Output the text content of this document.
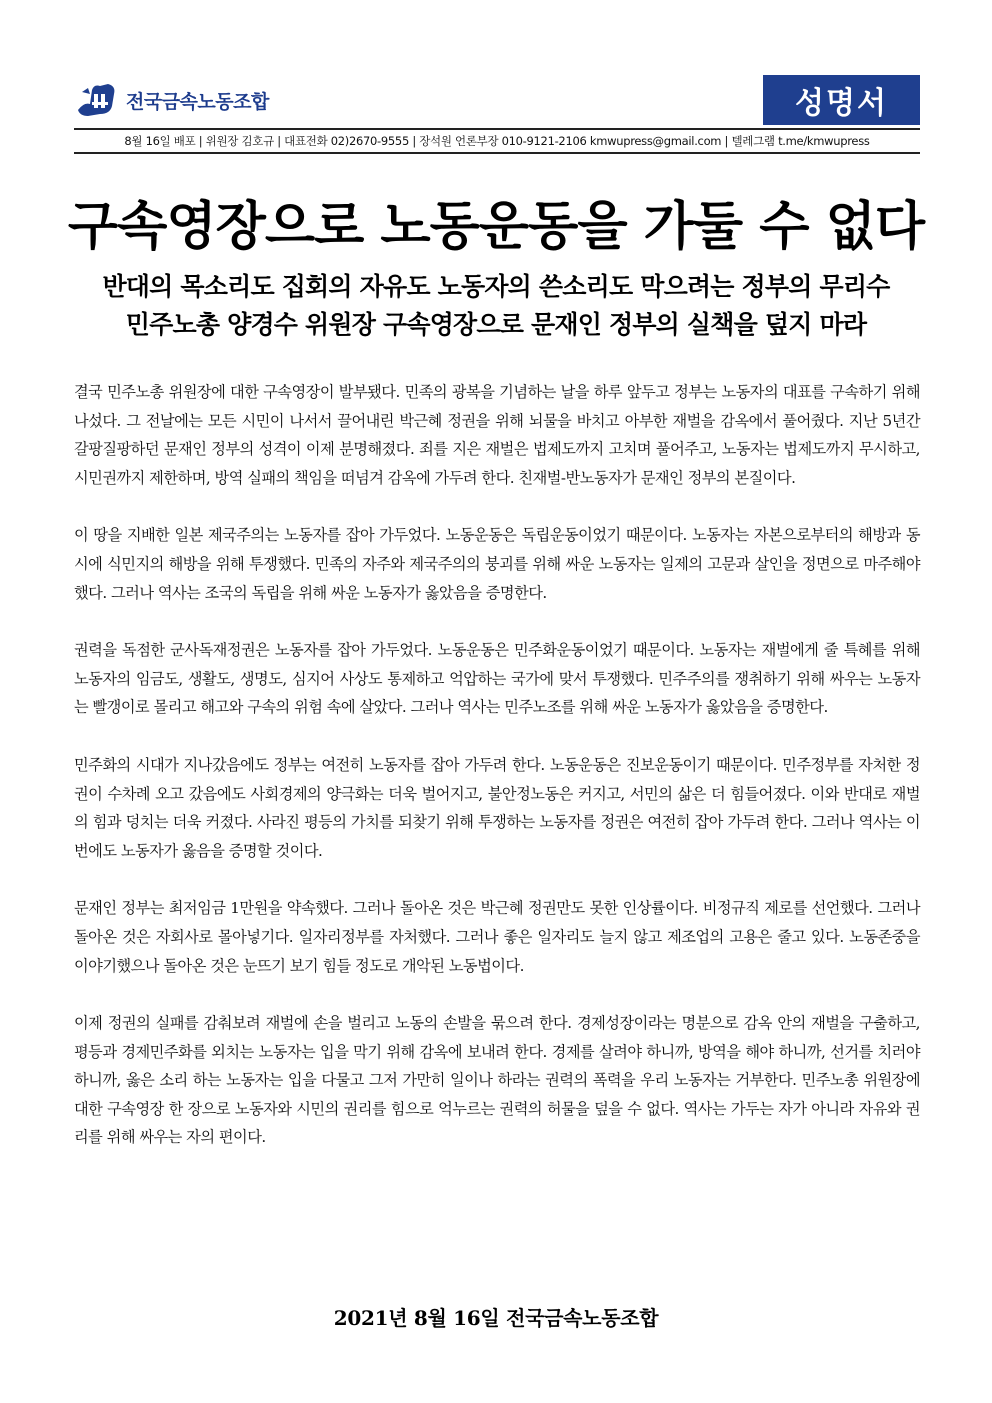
전국금속노동조합	성명서
8월 16일 배포 | 위원장 김호규 | 대표전화 02)2670-9555 | 장석원 언론부장 010-9121-2106 kmwupress@gmail.com | 텔레그램 t.me/kmwupress
구속영장으로 노동운동을 가둘 수 없다
반대의 목소리도 집회의 자유도 노동자의 쓴소리도 막으려는 정부의 무리수
민주노총 양경수 위원장 구속영장으로 문재인 정부의 실책을 덮지 마라

결국 민주노총 위원장에 대한 구속영장이 발부됐다. 민족의 광복을 기념하는 날을 하루 앞두고 정부는 노동자의 대표를 구속하기 위해 나섰다. 그 전날에는 모든 시민이 나서서 끌어내린 박근혜 정권을 위해 뇌물을 바치고 아부한 재벌을 감옥에서 풀어줬다. 지난 5년간 갈팡질팡하던 문재인 정부의 성격이 이제 분명해졌다. 죄를 지은 재벌은 법제도까지 고치며 풀어주고, 노동자는 법제도까지 무시하고, 시민권까지 제한하며, 방역 실패의 책임을 떠넘겨 감옥에 가두려 한다. 친재벌-반노동자가 문재인 정부의 본질이다.

이 땅을 지배한 일본 제국주의는 노동자를 잡아 가두었다. 노동운동은 독립운동이었기 때문이다. 노동자는 자본으로부터의 해방과 동시에 식민지의 해방을 위해 투쟁했다. 민족의 자주와 제국주의의 붕괴를 위해 싸운 노동자는 일제의 고문과 살인을 정면으로 마주해야 했다. 그러나 역사는 조국의 독립을 위해 싸운 노동자가 옳았음을 증명한다.

권력을 독점한 군사독재정권은 노동자를 잡아 가두었다. 노동운동은 민주화운동이었기 때문이다. 노동자는 재벌에게 줄 특혜를 위해 노동자의 임금도, 생활도, 생명도, 심지어 사상도 통제하고 억압하는 국가에 맞서 투쟁했다. 민주주의를 쟁취하기 위해 싸우는 노동자는 빨갱이로 몰리고 해고와 구속의 위험 속에 살았다. 그러나 역사는 민주노조를 위해 싸운 노동자가 옳았음을 증명한다.

민주화의 시대가 지나갔음에도 정부는 여전히 노동자를 잡아 가두려 한다. 노동운동은 진보운동이기 때문이다. 민주정부를 자처한 정권이 수차례 오고 갔음에도 사회경제의 양극화는 더욱 벌어지고, 불안정노동은 커지고, 서민의 삶은 더 힘들어졌다. 이와 반대로 재벌의 힘과 덩치는 더욱 커졌다. 사라진 평등의 가치를 되찾기 위해 투쟁하는 노동자를 정권은 여전히 잡아 가두려 한다. 그러나 역사는 이번에도 노동자가 옳음을 증명할 것이다.

문재인 정부는 최저임금 1만원을 약속했다. 그러나 돌아온 것은 박근혜 정권만도 못한 인상률이다. 비정규직 제로를 선언했다. 그러나 돌아온 것은 자회사로 몰아넣기다. 일자리정부를 자처했다. 그러나 좋은 일자리도 늘지 않고 제조업의 고용은 줄고 있다. 노동존중을 이야기했으나 돌아온 것은 눈뜨기 보기 힘들 정도로 개악된 노동법이다.

이제 정권의 실패를 감춰보려 재벌에 손을 벌리고 노동의 손발을 묶으려 한다. 경제성장이라는 명분으로 감옥 안의 재벌을 구출하고, 평등과 경제민주화를 외치는 노동자는 입을 막기 위해 감옥에 보내려 한다. 경제를 살려야 하니까, 방역을 해야 하니까, 선거를 치러야 하니까, 옳은 소리 하는 노동자는 입을 다물고 그저 가만히 일이나 하라는 권력의 폭력을 우리 노동자는 거부한다. 민주노총 위원장에 대한 구속영장 한 장으로 노동자와 시민의 권리를 힘으로 억누르는 권력의 허물을 덮을 수 없다. 역사는 가두는 자가 아니라 자유와 권리를 위해 싸우는 자의 편이다.

2021년 8월 16일 전국금속노동조합
